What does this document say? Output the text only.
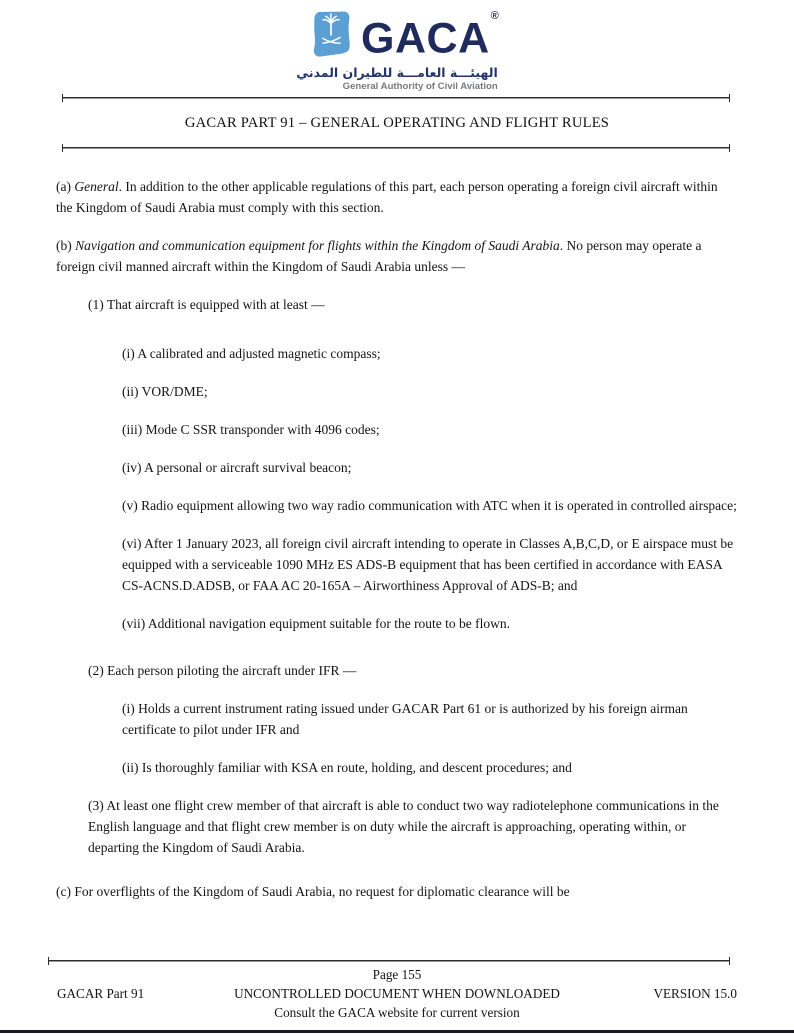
GACA®
الهيئـــة العامـــة للطيران المدني
General Authority of Civil Aviation
GACAR PART 91 – GENERAL OPERATING AND FLIGHT RULES

(a) General. In addition to the other applicable regulations of this part, each person operating a foreign civil aircraft within the Kingdom of Saudi Arabia must comply with this section.

(b) Navigation and communication equipment for flights within the Kingdom of Saudi Arabia. No person may operate a foreign civil manned aircraft within the Kingdom of Saudi Arabia unless —

(1) That aircraft is equipped with at least —

(i) A calibrated and adjusted magnetic compass;

(ii) VOR/DME;

(iii) Mode C SSR transponder with 4096 codes;

(iv) A personal or aircraft survival beacon;

(v) Radio equipment allowing two way radio communication with ATC when it is operated in controlled airspace;

(vi) After 1 January 2023, all foreign civil aircraft intending to operate in Classes A,B,C,D, or E airspace must be equipped with a serviceable 1090 MHz ES ADS-B equipment that has been certified in accordance with EASA CS-ACNS.D.ADSB, or FAA AC 20-165A – Airworthiness Approval of ADS-B; and

(vii) Additional navigation equipment suitable for the route to be flown.

(2) Each person piloting the aircraft under IFR —

(i) Holds a current instrument rating issued under GACAR Part 61 or is authorized by his foreign airman certificate to pilot under IFR and

(ii) Is thoroughly familiar with KSA en route, holding, and descent procedures; and

(3) At least one flight crew member of that aircraft is able to conduct two way radiotelephone communications in the English language and that flight crew member is on duty while the aircraft is approaching, operating within, or departing the Kingdom of Saudi Arabia.

(c) For overflights of the Kingdom of Saudi Arabia, no request for diplomatic clearance will be

Page 155
GACAR Part 91	UNCONTROLLED DOCUMENT WHEN DOWNLOADED	VERSION 15.0
Consult the GACA website for current version
